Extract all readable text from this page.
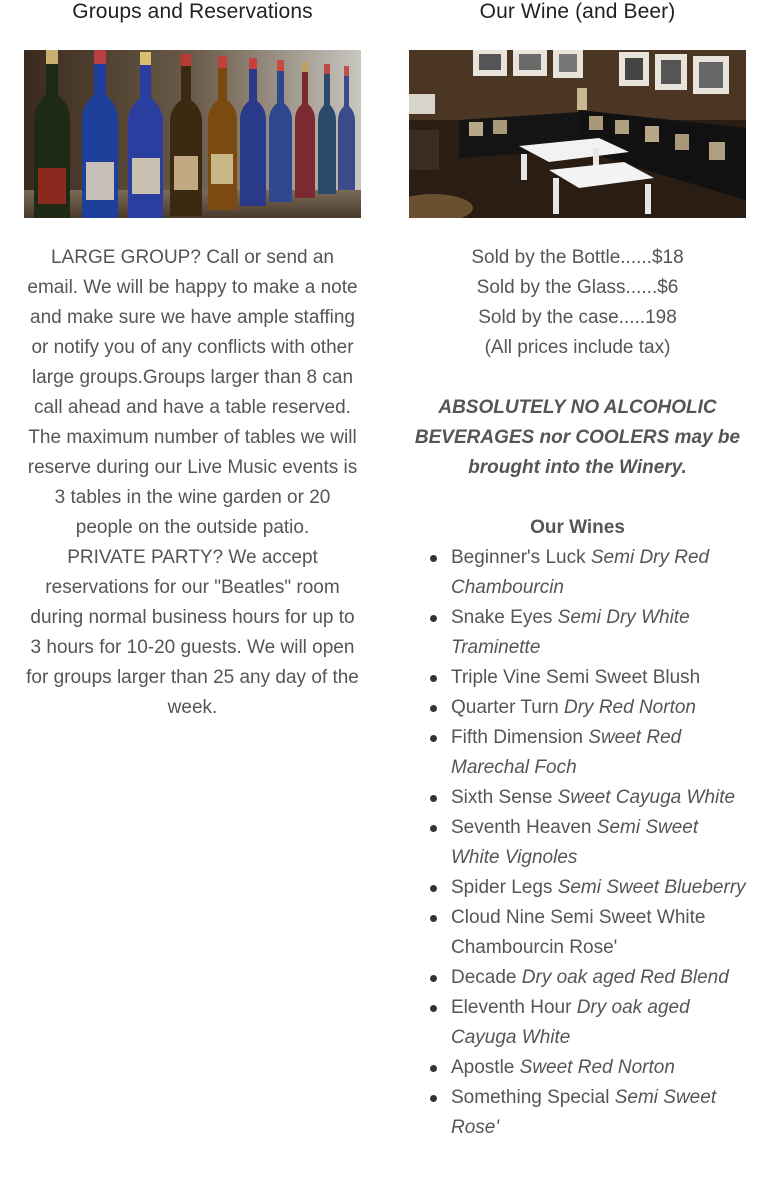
Groups and Reservations

LARGE GROUP? Call or send an email. We will be happy to make a note and make sure we have ample staffing or notify you of any conflicts with other large groups.Groups larger than 8 can call ahead and have a table reserved. The maximum number of tables we will reserve during our Live Music events is 3 tables in the wine garden or 20 people on the outside patio.

PRIVATE PARTY? We accept reservations for our "Beatles" room during normal business hours for up to 3 hours for 10-20 guests. We will open for groups larger than 25 any day of the week.

Our Wine (and Beer)
Sold by the Bottle......$18
Sold by the Glass......$6
Sold by the case.....198
(All prices include tax)
ABSOLUTELY NO ALCOHOLIC BEVERAGES nor COOLERS may be brought into the Winery.
Our Wines
Beginner's Luck Semi Dry Red Chambourcin
Snake Eyes Semi Dry White Traminette
Triple Vine Semi Sweet Blush
Quarter Turn Dry Red Norton
Fifth Dimension Sweet Red Marechal Foch
Sixth Sense Sweet Cayuga White
Seventh Heaven Semi Sweet White Vignoles
Spider Legs Semi Sweet Blueberry
Cloud Nine Semi Sweet White Chambourcin Rose'
Decade Dry oak aged Red Blend
Eleventh Hour Dry oak aged Cayuga White
Apostle Sweet Red Norton
Something Special Semi Sweet Rose'
